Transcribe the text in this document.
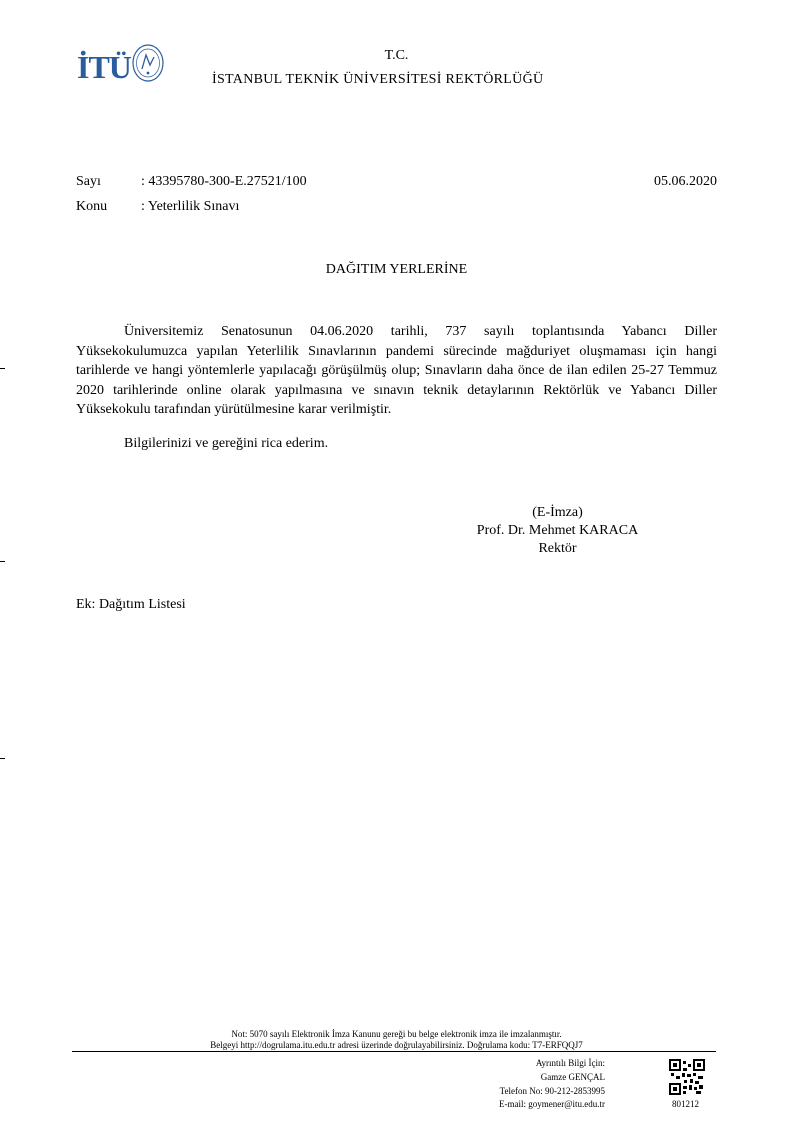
İTÜ	T.C.
İSTANBUL TEKNİK ÜNİVERSİTESİ REKTÖRLÜĞÜ
Sayı	: 43395780-300-E.27521/100	05.06.2020
Konu : Yeterlilik Sınavı
DAĞITIM YERLERİNE

Üniversitemiz Senatosunun 04.06.2020 tarihli, 737 sayılı toplantısında Yabancı Diller Yüksekokulumuzca yapılan Yeterlilik Sınavlarının pandemi sürecinde mağduriyet oluşmaması için hangi tarihlerde ve hangi yöntemlerle yapılacağı görüşülmüş olup; Sınavların daha önce de ilan edilen 25-27 Temmuz 2020 tarihlerinde online olarak yapılmasına ve sınavın teknik detaylarının Rektörlük ve Yabancı Diller Yüksekokulu tarafından yürütülmesine karar verilmiştir.

Bilgilerinizi ve gereğini rica ederim.
(E-İmza)
Prof. Dr. Mehmet KARACA
Rektör
Ek: Dağıtım Listesi
Not: 5070 sayılı Elektronik İmza Kanunu gereği bu belge elektronik imza ile imzalanmıştır.
Belgeyi http://dogrulama.itu.edu.tr adresi üzerinde doğrulayabilirsiniz. Doğrulama kodu: T7-ERFQQJ7
Ayrıntılı Bilgi İçin:
Gamze GENÇAL
Telefon No: 90-212-2853995
E-mail: goymener@itu.edu.tr	801212
